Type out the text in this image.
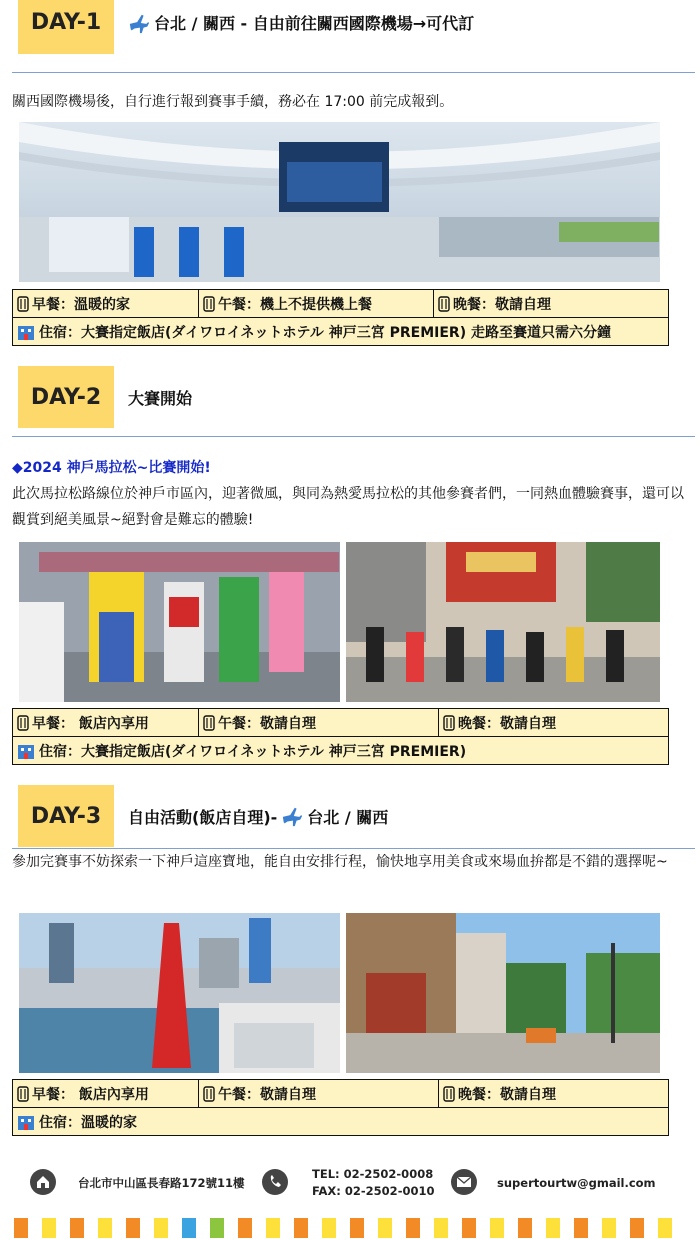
DAY-1	台北 / 關西 - 自由前往關西國際機場→可代訂
關西國際機場後，自行進行報到賽事手續，務必在 17:00 前完成報到。
早餐：溫暖的家	午餐：機上不提供機上餐	晚餐：敬請自理
住宿：大賽指定飯店(ダイワロイネットホテル 神戸三宮 PREMIER) 走路至賽道只需六分鐘
DAY-2	大賽開始
◆2024 神戶馬拉松~比賽開始!
此次馬拉松路線位於神戶市區內，迎著微風，與同為熱愛馬拉松的其他參賽者們，一同熱血體驗賽事，還可以觀賞到絕美風景~絕對會是難忘的體驗!
早餐： 飯店內享用	午餐：敬請自理	晚餐：敬請自理
住宿：大賽指定飯店(ダイワロイネットホテル 神戸三宮 PREMIER)
DAY-3	自由活動(飯店自理)- 台北 / 關西
參加完賽事不妨探索一下神戶這座寶地，能自由安排行程，愉快地享用美食或來場血拚都是不錯的選擇呢~
早餐： 飯店內享用	午餐：敬請自理	晚餐：敬請自理
住宿：溫暖的家
台北市中山區長春路172號11樓
TEL: 02-2502-0008
FAX: 02-2502-0010
supertourtw@gmail.com
